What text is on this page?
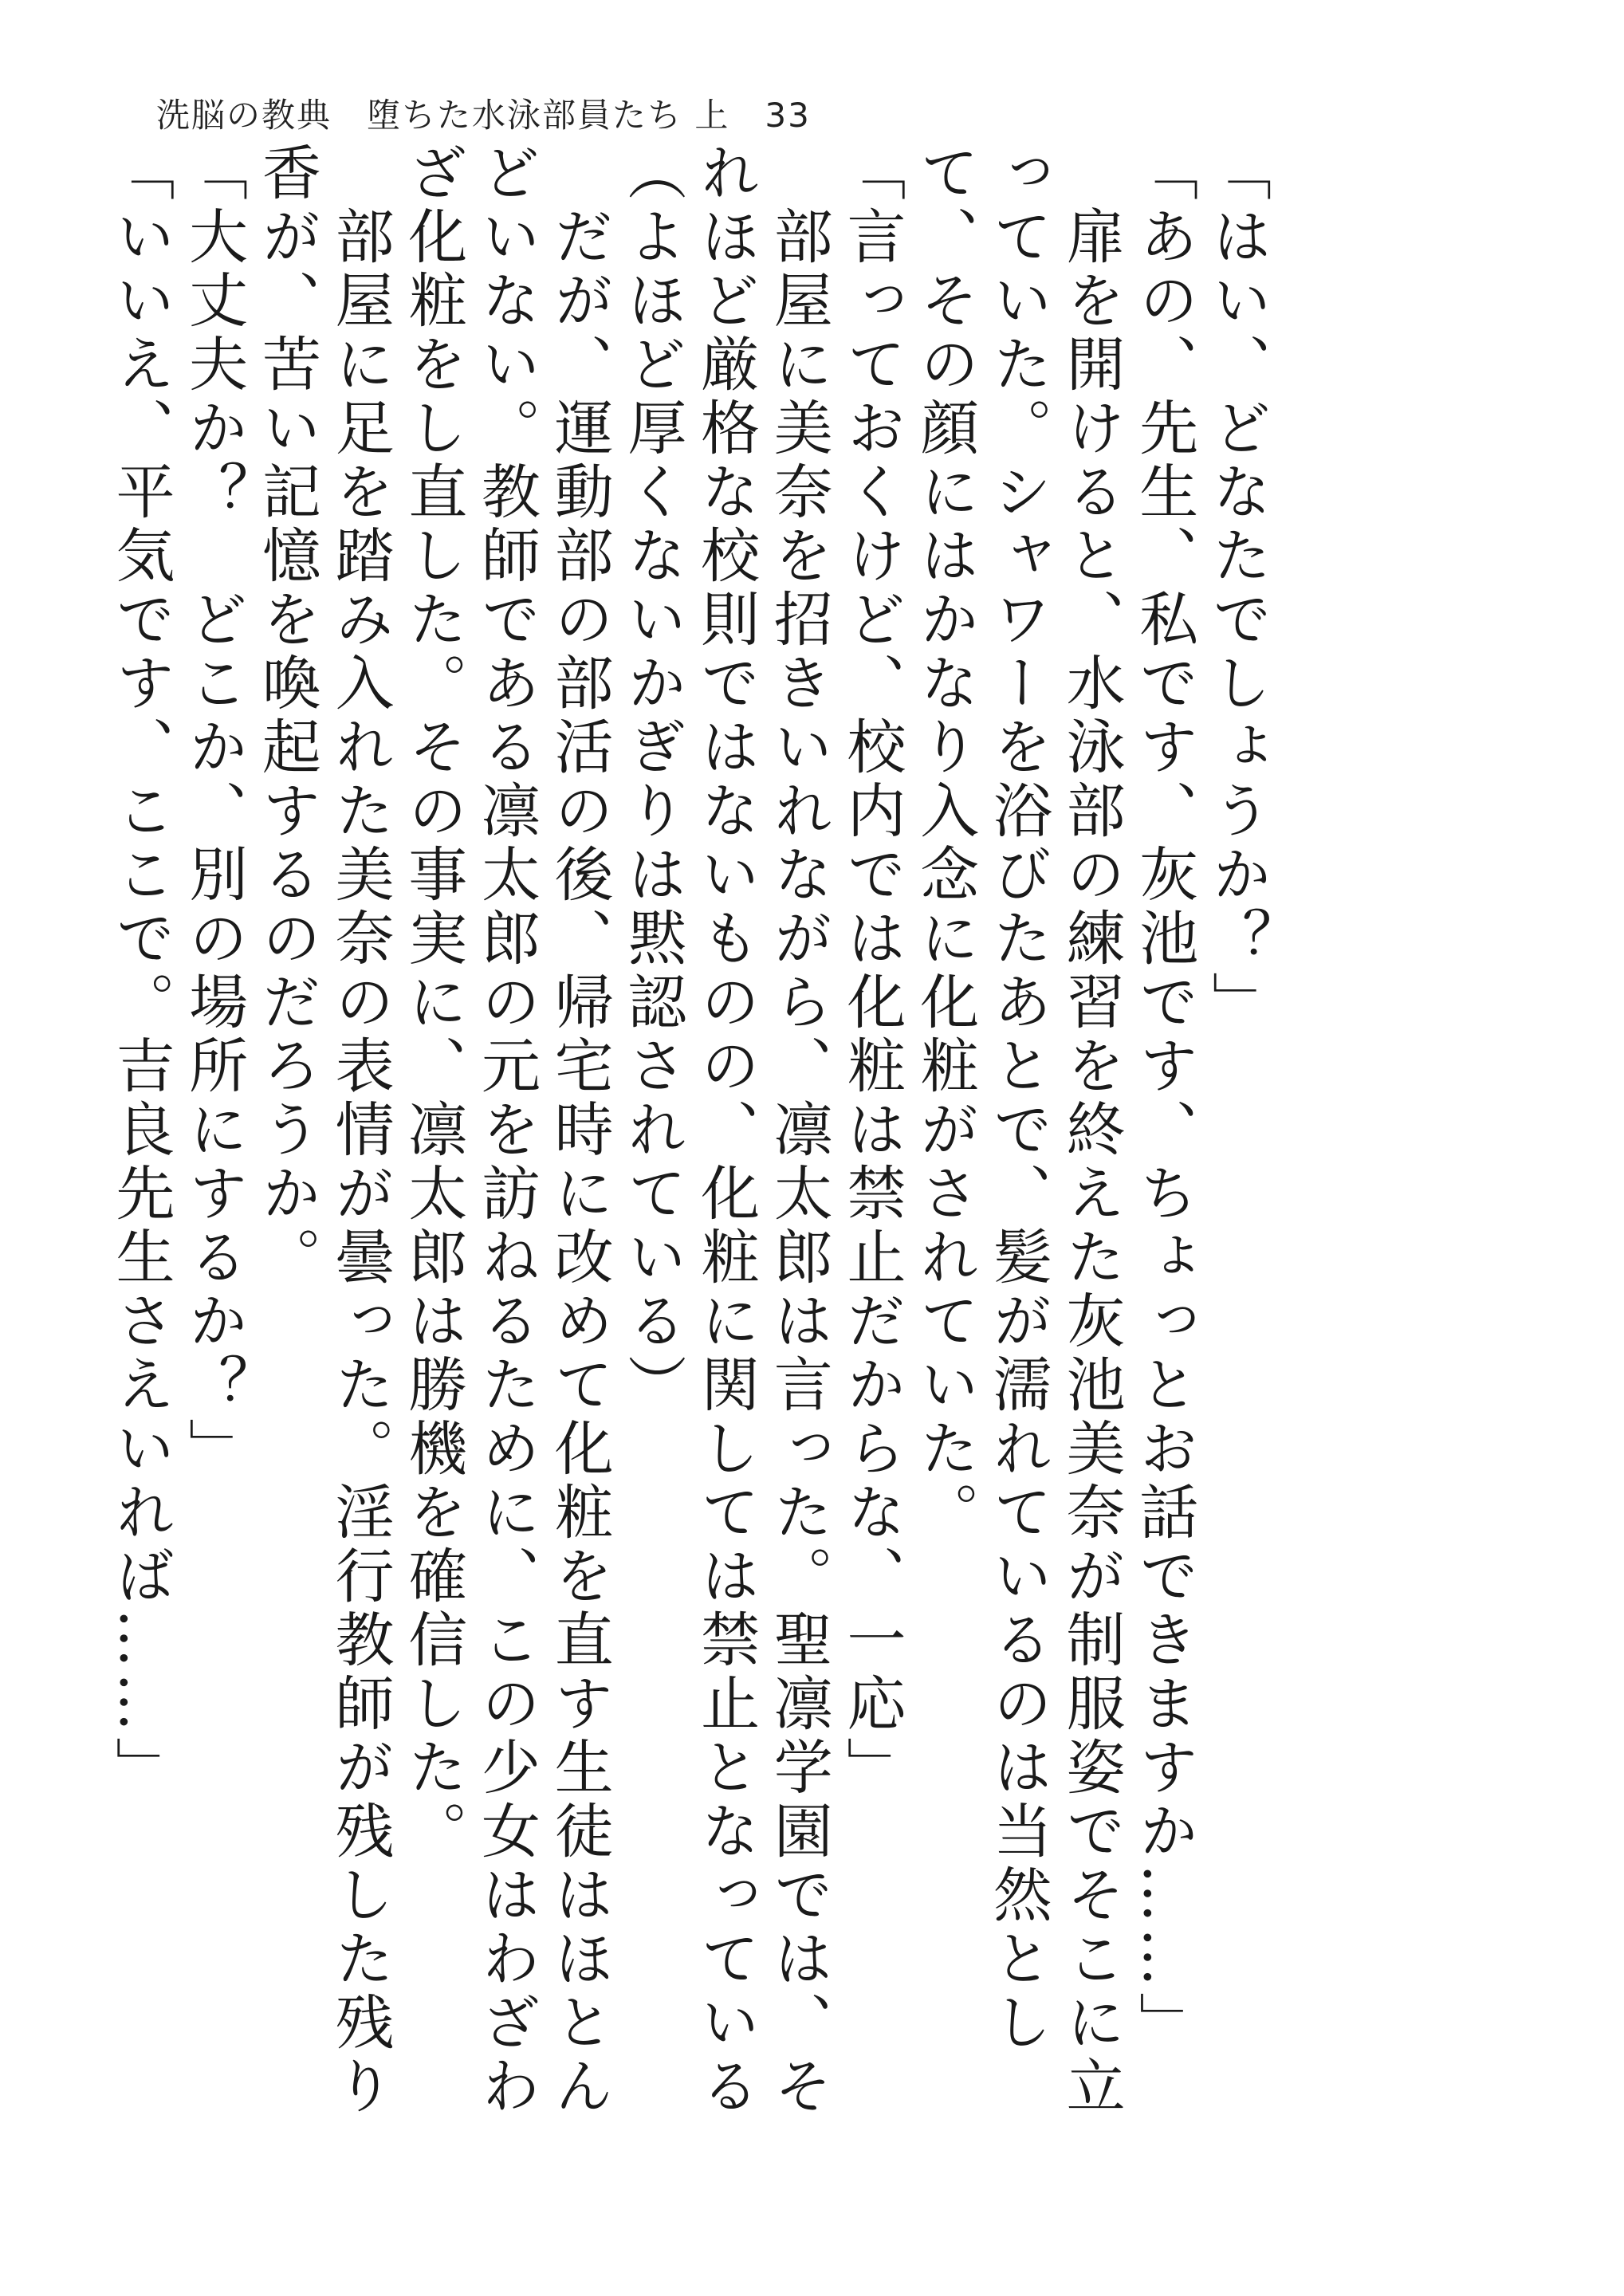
洗脳の教典　堕ちた水泳部員たち 上　33

「はい、どなたでしょうか？」

「あの、先生、私です、灰池です、ちょっとお話できますか……」

　扉を開けると、水泳部の練習を終えた灰池美奈が制服姿でそこに立っていた。シャワーを浴びたあとで、髪が濡れているのは当然として、その顔にはかなり入念に化粧がされていた。

「言っておくけど、校内では化粧は禁止だからな、一応」

　部屋に美奈を招きいれながら、凛太郎は言った。聖凛学園では、それほど厳格な校則ではないものの、化粧に関しては禁止となっている（よほど厚くないかぎりは黙認されている）

　だが、運動部の部活の後、帰宅時に改めて化粧を直す生徒はほとんどいない。教師である凛太郎の元を訪ねるために、この少女はわざわざ化粧をし直した。その事実に、凛太郎は勝機を確信した。

　部屋に足を踏み入れた美奈の表情が曇った。淫行教師が残した残り香が、苦い記憶を喚起するのだろうか。

「大丈夫か？　どこか、別の場所にするか？」

「いいえ、平気です、ここで。吉良先生さえいれば……」
